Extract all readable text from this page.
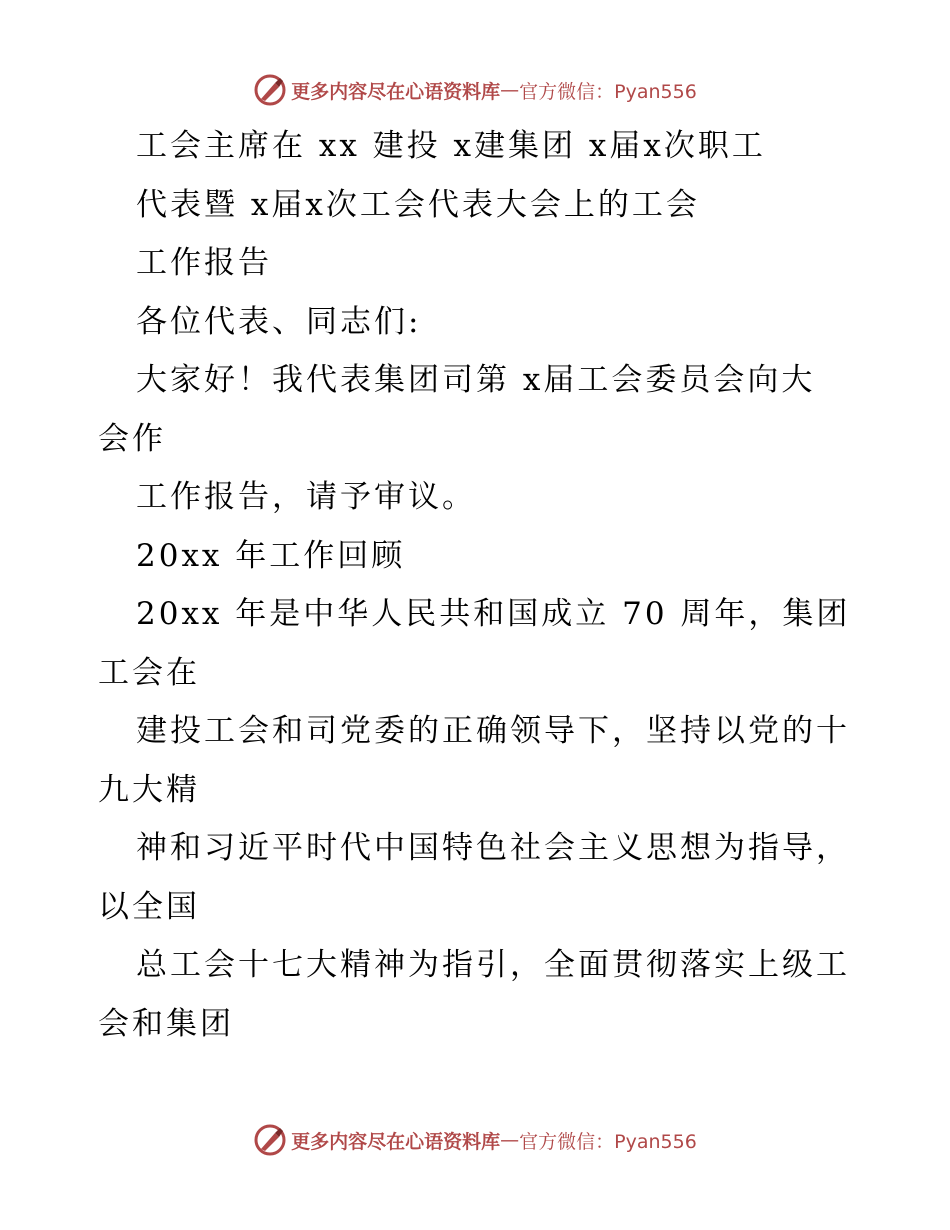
更多内容尽在心语资料库 — 官方微信：Pyan556
工会主席在 xx 建投 x建集团 x届x次职工
代表暨 x届x次工会代表大会上的工会
工作报告
各位代表、同志们:
大家好！我代表集团司第 x届工会委员会向大
会作
工作报告，请予审议。
20xx 年工作回顾
20xx 年是中华人民共和国成立 70 周年，集团
工会在
建投工会和司党委的正确领导下，坚持以党的十
九大精
神和习近平时代中国特色社会主义思想为指导，
以全国
总工会十七大精神为指引，全面贯彻落实上级工
会和集团
更多内容尽在心语资料库 — 官方微信：Pyan556
